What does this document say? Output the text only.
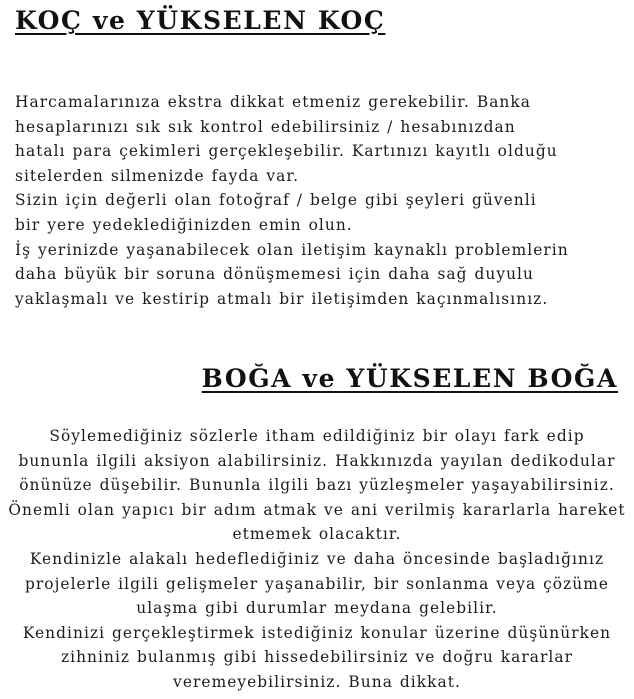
KOÇ ve YÜKSELEN KOÇ
Harcamalarınıza ekstra dikkat etmeniz gerekebilir. Banka
hesaplarınızı sık sık kontrol edebilirsiniz / hesabınızdan
hatalı para çekimleri gerçekleşebilir. Kartınızı kayıtlı olduğu
sitelerden silmenizde fayda var.
Sizin için değerli olan fotoğraf / belge gibi şeyleri güvenli
bir yere yedeklediğinizden emin olun.
İş yerinizde yaşanabilecek olan iletişim kaynaklı problemlerin
daha büyük bir soruna dönüşmemesi için daha sağ duyulu
yaklaşmalı ve kestirip atmalı bir iletişimden kaçınmalısınız.
BOĞA ve YÜKSELEN BOĞA
Söylemediğiniz sözlerle itham edildiğiniz bir olayı fark edip
bununla ilgili aksiyon alabilirsiniz. Hakkınızda yayılan dedikodular
önünüze düşebilir. Bununla ilgili bazı yüzleşmeler yaşayabilirsiniz.
Önemli olan yapıcı bir adım atmak ve ani verilmiş kararlarla hareket
etmemek olacaktır.
Kendinizle alakalı hedeflediğiniz ve daha öncesinde başladığınız
projelerle ilgili gelişmeler yaşanabilir, bir sonlanma veya çözüme
ulaşma gibi durumlar meydana gelebilir.
Kendinizi gerçekleştirmek istediğiniz konular üzerine düşünürken
zihniniz bulanmış gibi hissedebilirsiniz ve doğru kararlar
veremeyebilirsiniz. Buna dikkat.
